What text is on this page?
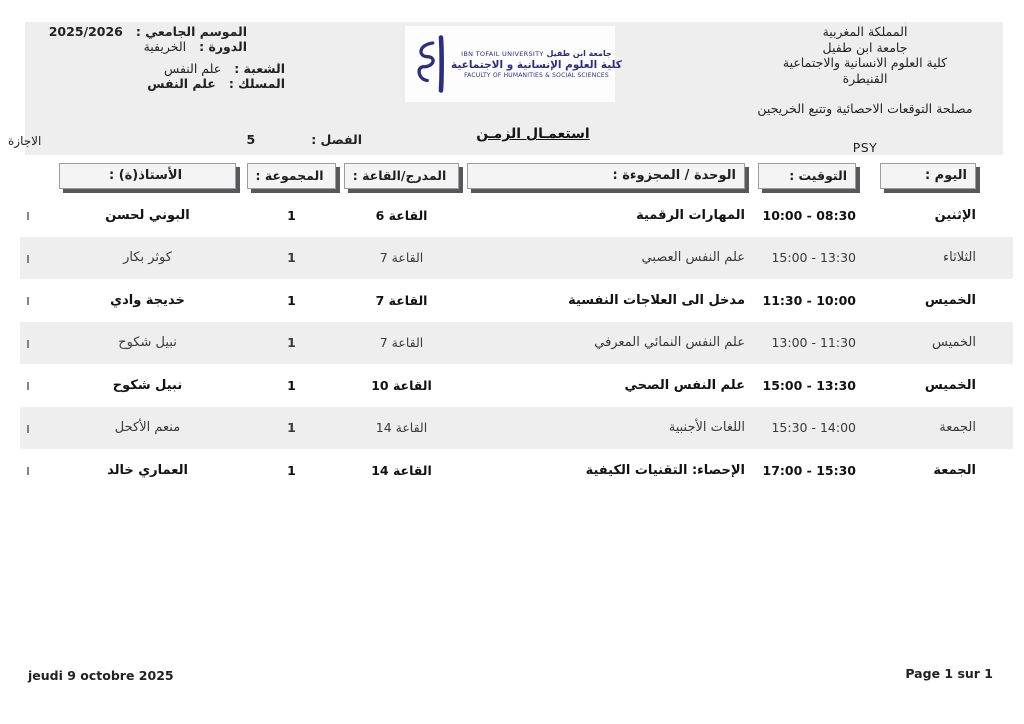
الموسم الجامعي : 2025/2026
الدورة : الخريفية
الشعبة : علم النفس
المسلك : علم النفس
جامعة ابن طفيل IBN TOFAIL UNIVERSITY
كلية العلوم الإنسانية و الاجتماعية
FACULTY OF HUMANITIES & SOCIAL SCIENCES
المملكة المغربية
جامعة ابن طفيل
كلية العلوم الانسانية والاجتماعية
القنيطرة
مصلحة التوقعات الاحصائية وتتبع الخريجين
PSY
استعمـال الزمـن
الفصل : 5
الاجازة
اليوم :
التوقيت :
الوحدة / المجزوءة :
المدرج/القاعة :
المجموعة :
الأستاذ(ة) :
الإثنين
08:30 - 10:00
المهارات الرقمية
القاعة 6
1
البوني لحسن
الثلاثاء
13:30 - 15:00
علم النفس العصبي
القاعة 7
1
كوثر بكار
الخميس
10:00 - 11:30
مدخل الى العلاجات النفسية
القاعة 7
1
خديجة وادي
الخميس
11:30 - 13:00
علم النفس النمائي المعرفي
القاعة 7
1
نبيل شكوح
الخميس
13:30 - 15:00
علم النفس الصحي
القاعة 10
1
نبيل شكوح
الجمعة
14:00 - 15:30
اللغات الأجنبية
القاعة 14
1
منعم الأكحل
الجمعة
15:30 - 17:00
الإحصاء: التقنيات الكيفية
القاعة 14
1
العماري خالد
jeudi 9 octobre 2025	Page 1 sur 1
